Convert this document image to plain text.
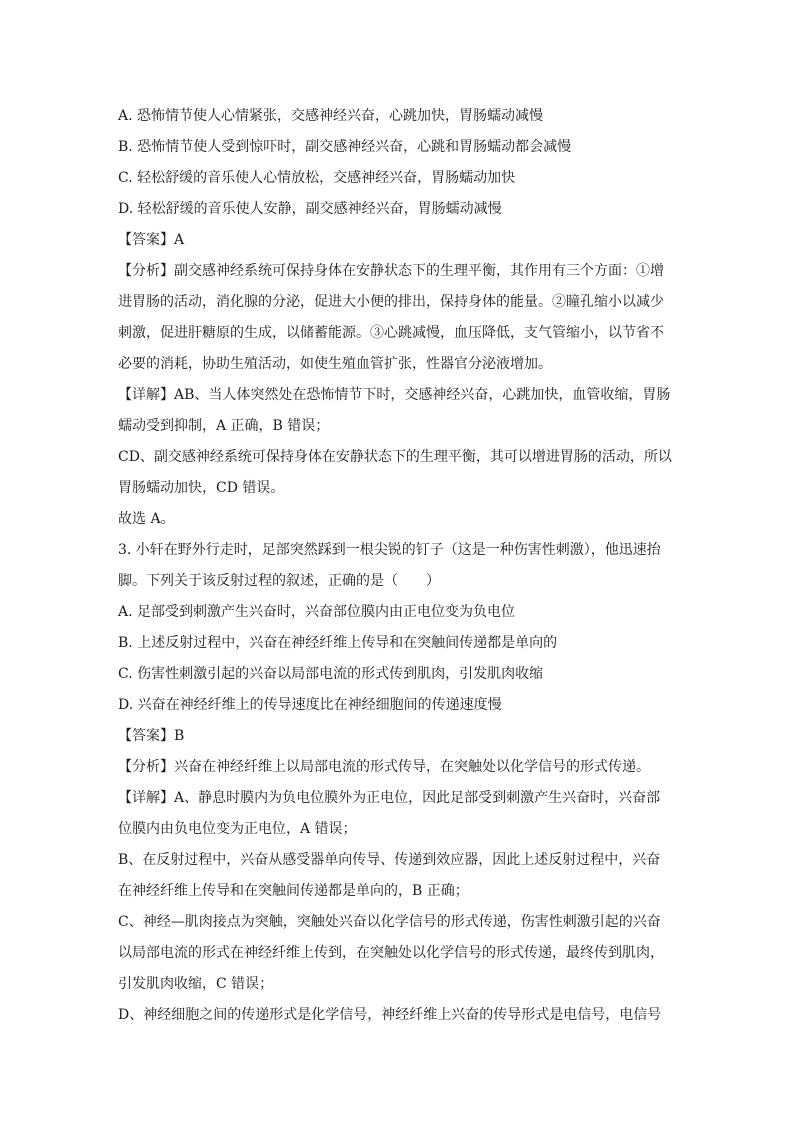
A. 恐怖情节使人心情紧张，交感神经兴奋，心跳加快，胃肠蠕动减慢
B. 恐怖情节使人受到惊吓时，副交感神经兴奋，心跳和胃肠蠕动都会减慢
C. 轻松舒缓的音乐使人心情放松，交感神经兴奋，胃肠蠕动加快
D. 轻松舒缓的音乐使人安静，副交感神经兴奋，胃肠蠕动减慢
【答案】A
【分析】副交感神经系统可保持身体在安静状态下的生理平衡，其作用有三个方面：①增
进胃肠的活动，消化腺的分泌，促进大小便的排出，保持身体的能量。②瞳孔缩小以减少
刺激，促进肝糖原的生成，以储蓄能源。③心跳减慢，血压降低，支气管缩小，以节省不
必要的消耗，协助生殖活动，如使生殖血管扩张，性器官分泌液增加。
【详解】AB、当人体突然处在恐怖情节下时，交感神经兴奋，心跳加快，血管收缩，胃肠
蠕动受到抑制，A 正确，B 错误；
CD、副交感神经系统可保持身体在安静状态下的生理平衡，其可以增进胃肠的活动，所以
胃肠蠕动加快，CD 错误。
故选 A。
3. 小轩在野外行走时，足部突然踩到一根尖锐的钉子（这是一种伤害性刺激），他迅速抬
脚。下列关于该反射过程的叙述，正确的是（　　）
A. 足部受到刺激产生兴奋时，兴奋部位膜内由正电位变为负电位
B. 上述反射过程中，兴奋在神经纤维上传导和在突触间传递都是单向的
C. 伤害性刺激引起的兴奋以局部电流的形式传到肌肉，引发肌肉收缩
D. 兴奋在神经纤维上的传导速度比在神经细胞间的传递速度慢
【答案】B
【分析】兴奋在神经纤维上以局部电流的形式传导，在突触处以化学信号的形式传递。
【详解】A、静息时膜内为负电位膜外为正电位，因此足部受到刺激产生兴奋时，兴奋部
位膜内由负电位变为正电位，A 错误；
B、在反射过程中，兴奋从感受器单向传导、传递到效应器，因此上述反射过程中，兴奋
在神经纤维上传导和在突触间传递都是单向的，B 正确；
C、神经—肌肉接点为突触，突触处兴奋以化学信号的形式传递，伤害性刺激引起的兴奋
以局部电流的形式在神经纤维上传到，在突触处以化学信号的形式传递，最终传到肌肉，
引发肌肉收缩，C 错误；
D、神经细胞之间的传递形式是化学信号，神经纤维上兴奋的传导形式是电信号，电信号
